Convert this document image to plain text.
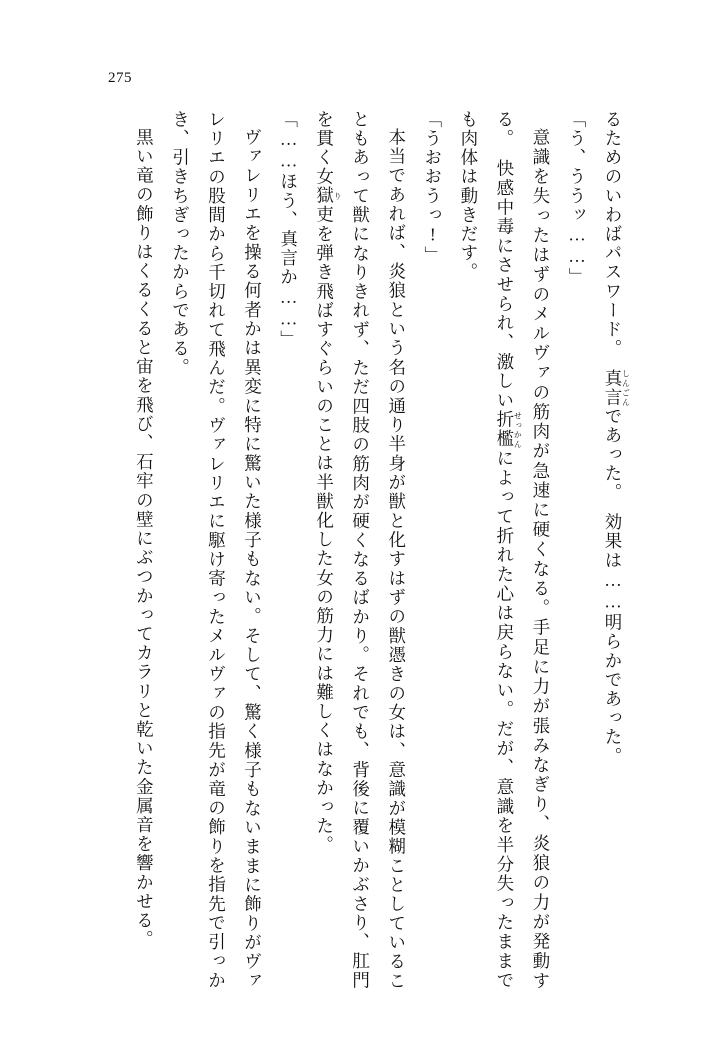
275

るためのいわばパスワード。　真言しんごんであった。　効果は……明らかであった。

「う、ううッ……」

意識を失ったはずのメルヴァの筋肉が急速に硬くなる。手足に力が張みなぎり、炎狼の力が発動する。　快感中毒にさせられ、激しい折檻せっかんによって折れた心は戻らない。だが、意識を半分失ったままでも肉体は動きだす。

「うおおうっ!」

本当であれば、炎狼という名の通り半身が獣と化すはずの獣憑きの女は、意識が模糊ことしていることもあって獣になりきれず、ただ四肢の筋肉が硬くなるばかり。それでも、背後に覆いかぶさり、肛門を貫く女獄吏りを弾き飛ばすぐらいのことは半獣化した女の筋力には難しくはなかった。

「……ほう、真言か……」

ヴァレリエを操る何者かは異変に特に驚いた様子もない。そして、驚く様子もないままに飾りがヴァレリエの股間から千切れて飛んだ。ヴァレリエに駆け寄ったメルヴァの指先が竜の飾りを指先で引っかき、引きちぎったからである。

黒い竜の飾りはくるくると宙を飛び、石牢の壁にぶつかってカラリと乾いた金属音を響かせる。
